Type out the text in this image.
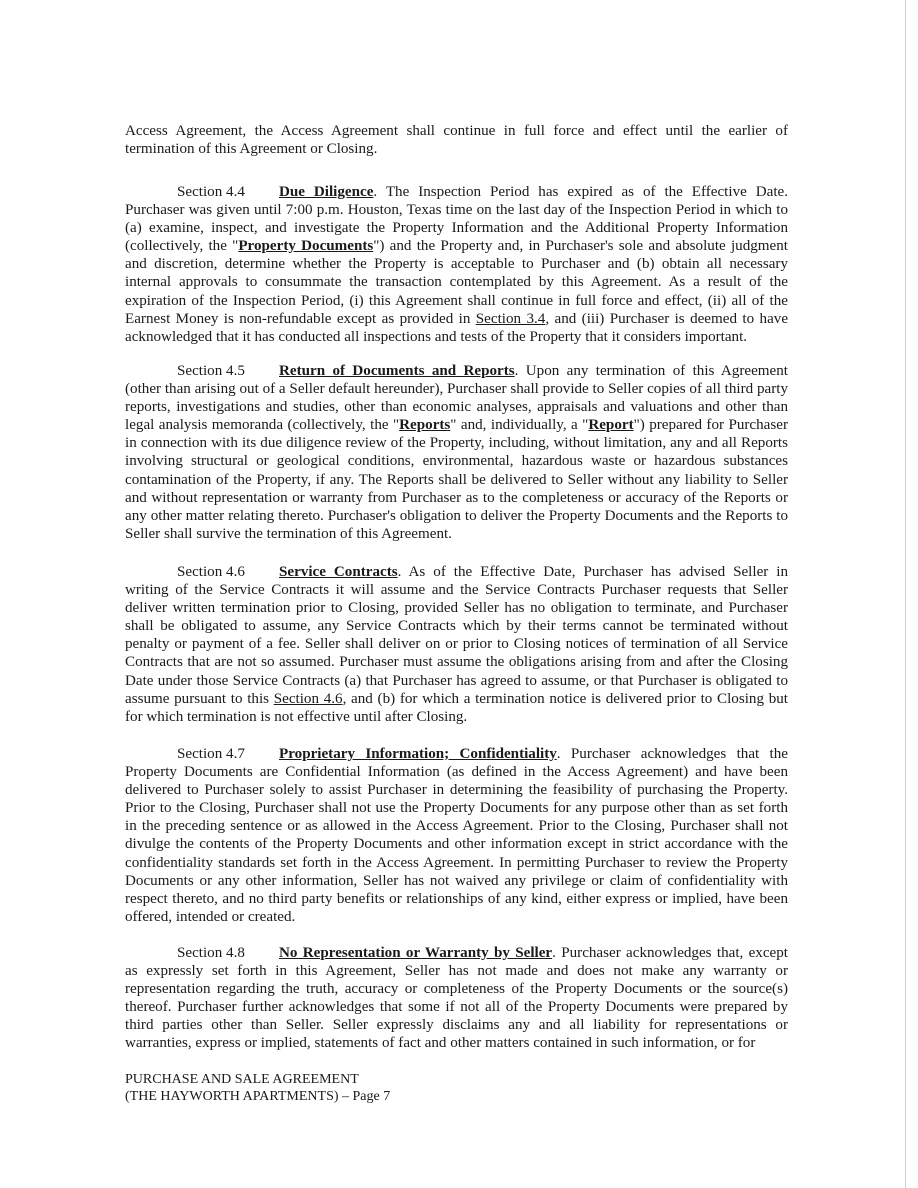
Access Agreement, the Access Agreement shall continue in full force and effect until the earlier of termination of this Agreement or Closing.

Section 4.4 Due Diligence. The Inspection Period has expired as of the Effective Date. Purchaser was given until 7:00 p.m. Houston, Texas time on the last day of the Inspection Period in which to (a) examine, inspect, and investigate the Property Information and the Additional Property Information (collectively, the "Property Documents") and the Property and, in Purchaser's sole and absolute judgment and discretion, determine whether the Property is acceptable to Purchaser and (b) obtain all necessary internal approvals to consummate the transaction contemplated by this Agreement. As a result of the expiration of the Inspection Period, (i) this Agreement shall continue in full force and effect, (ii) all of the Earnest Money is non-refundable except as provided in Section 3.4, and (iii) Purchaser is deemed to have acknowledged that it has conducted all inspections and tests of the Property that it considers important.

Section 4.5 Return of Documents and Reports. Upon any termination of this Agreement (other than arising out of a Seller default hereunder), Purchaser shall provide to Seller copies of all third party reports, investigations and studies, other than economic analyses, appraisals and valuations and other than legal analysis memoranda (collectively, the "Reports" and, individually, a "Report") prepared for Purchaser in connection with its due diligence review of the Property, including, without limitation, any and all Reports involving structural or geological conditions, environmental, hazardous waste or hazardous substances contamination of the Property, if any. The Reports shall be delivered to Seller without any liability to Seller and without representation or warranty from Purchaser as to the completeness or accuracy of the Reports or any other matter relating thereto. Purchaser's obligation to deliver the Property Documents and the Reports to Seller shall survive the termination of this Agreement.

Section 4.6 Service Contracts. As of the Effective Date, Purchaser has advised Seller in writing of the Service Contracts it will assume and the Service Contracts Purchaser requests that Seller deliver written termination prior to Closing, provided Seller has no obligation to terminate, and Purchaser shall be obligated to assume, any Service Contracts which by their terms cannot be terminated without penalty or payment of a fee. Seller shall deliver on or prior to Closing notices of termination of all Service Contracts that are not so assumed. Purchaser must assume the obligations arising from and after the Closing Date under those Service Contracts (a) that Purchaser has agreed to assume, or that Purchaser is obligated to assume pursuant to this Section 4.6, and (b) for which a termination notice is delivered prior to Closing but for which termination is not effective until after Closing.

Section 4.7 Proprietary Information; Confidentiality. Purchaser acknowledges that the Property Documents are Confidential Information (as defined in the Access Agreement) and have been delivered to Purchaser solely to assist Purchaser in determining the feasibility of purchasing the Property. Prior to the Closing, Purchaser shall not use the Property Documents for any purpose other than as set forth in the preceding sentence or as allowed in the Access Agreement. Prior to the Closing, Purchaser shall not divulge the contents of the Property Documents and other information except in strict accordance with the confidentiality standards set forth in the Access Agreement. In permitting Purchaser to review the Property Documents or any other information, Seller has not waived any privilege or claim of confidentiality with respect thereto, and no third party benefits or relationships of any kind, either express or implied, have been offered, intended or created.

Section 4.8 No Representation or Warranty by Seller. Purchaser acknowledges that, except as expressly set forth in this Agreement, Seller has not made and does not make any warranty or representation regarding the truth, accuracy or completeness of the Property Documents or the source(s) thereof. Purchaser further acknowledges that some if not all of the Property Documents were prepared by third parties other than Seller. Seller expressly disclaims any and all liability for representations or warranties, express or implied, statements of fact and other matters contained in such information, or for

PURCHASE AND SALE AGREEMENT
(THE HAYWORTH APARTMENTS) – Page 7
